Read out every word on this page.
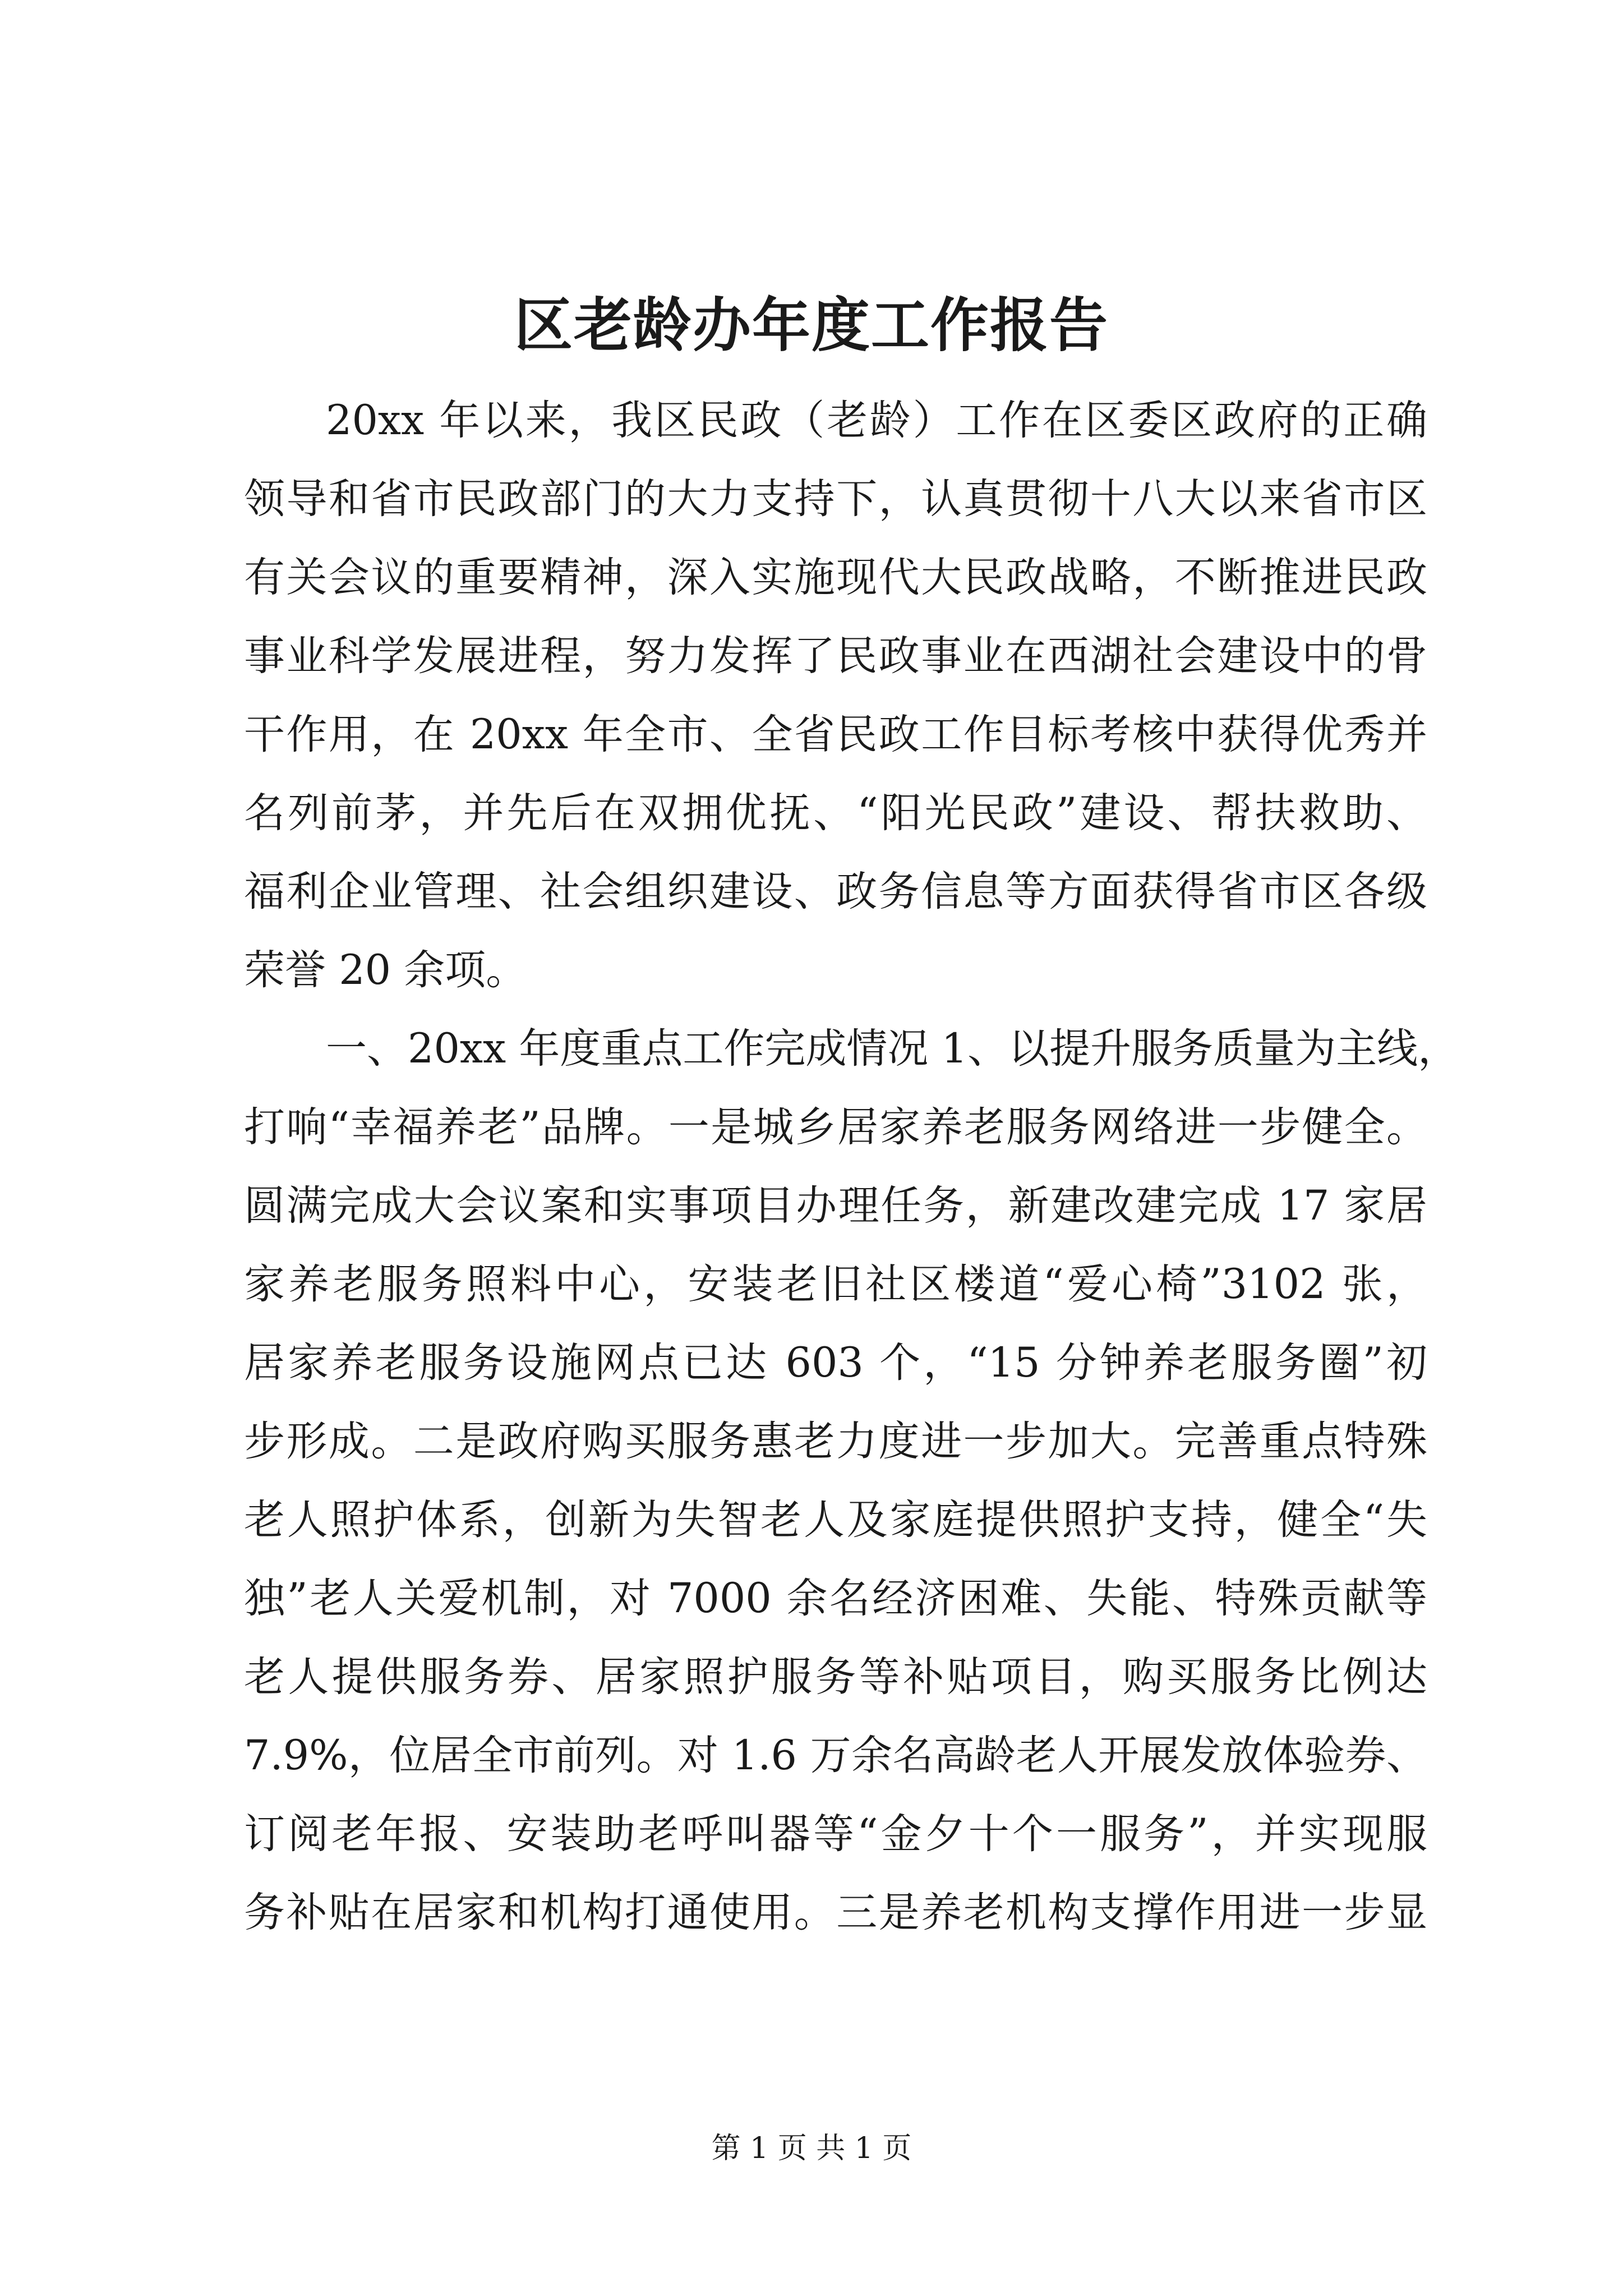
区老龄办年度工作报告
20xx 年以来，我区民政（老龄）工作在区委区政府的正确
领导和省市民政部门的大力支持下，认真贯彻十八大以来省市区
有关会议的重要精神，深入实施现代大民政战略，不断推进民政
事业科学发展进程，努力发挥了民政事业在西湖社会建设中的骨
干作用，在 20xx 年全市、全省民政工作目标考核中获得优秀并
名列前茅，并先后在双拥优抚、“阳光民政”建设、帮扶救助、
福利企业管理、社会组织建设、政务信息等方面获得省市区各级
荣誉 20 余项。
一、20xx 年度重点工作完成情况 1、以提升服务质量为主线，
打响“幸福养老”品牌。一是城乡居家养老服务网络进一步健全。
圆满完成大会议案和实事项目办理任务，新建改建完成 17 家居
家养老服务照料中心，安装老旧社区楼道“爱心椅”3102 张，
居家养老服务设施网点已达 603 个，“15 分钟养老服务圈”初
步形成。二是政府购买服务惠老力度进一步加大。完善重点特殊
老人照护体系，创新为失智老人及家庭提供照护支持，健全“失
独”老人关爱机制，对 7000 余名经济困难、失能、特殊贡献等
老人提供服务券、居家照护服务等补贴项目，购买服务比例达
7.9%，位居全市前列。对 1.6 万余名高龄老人开展发放体验券、
订阅老年报、安装助老呼叫器等“金夕十个一服务”，并实现服
务补贴在居家和机构打通使用。三是养老机构支撑作用进一步显
第 1 页 共 1 页
